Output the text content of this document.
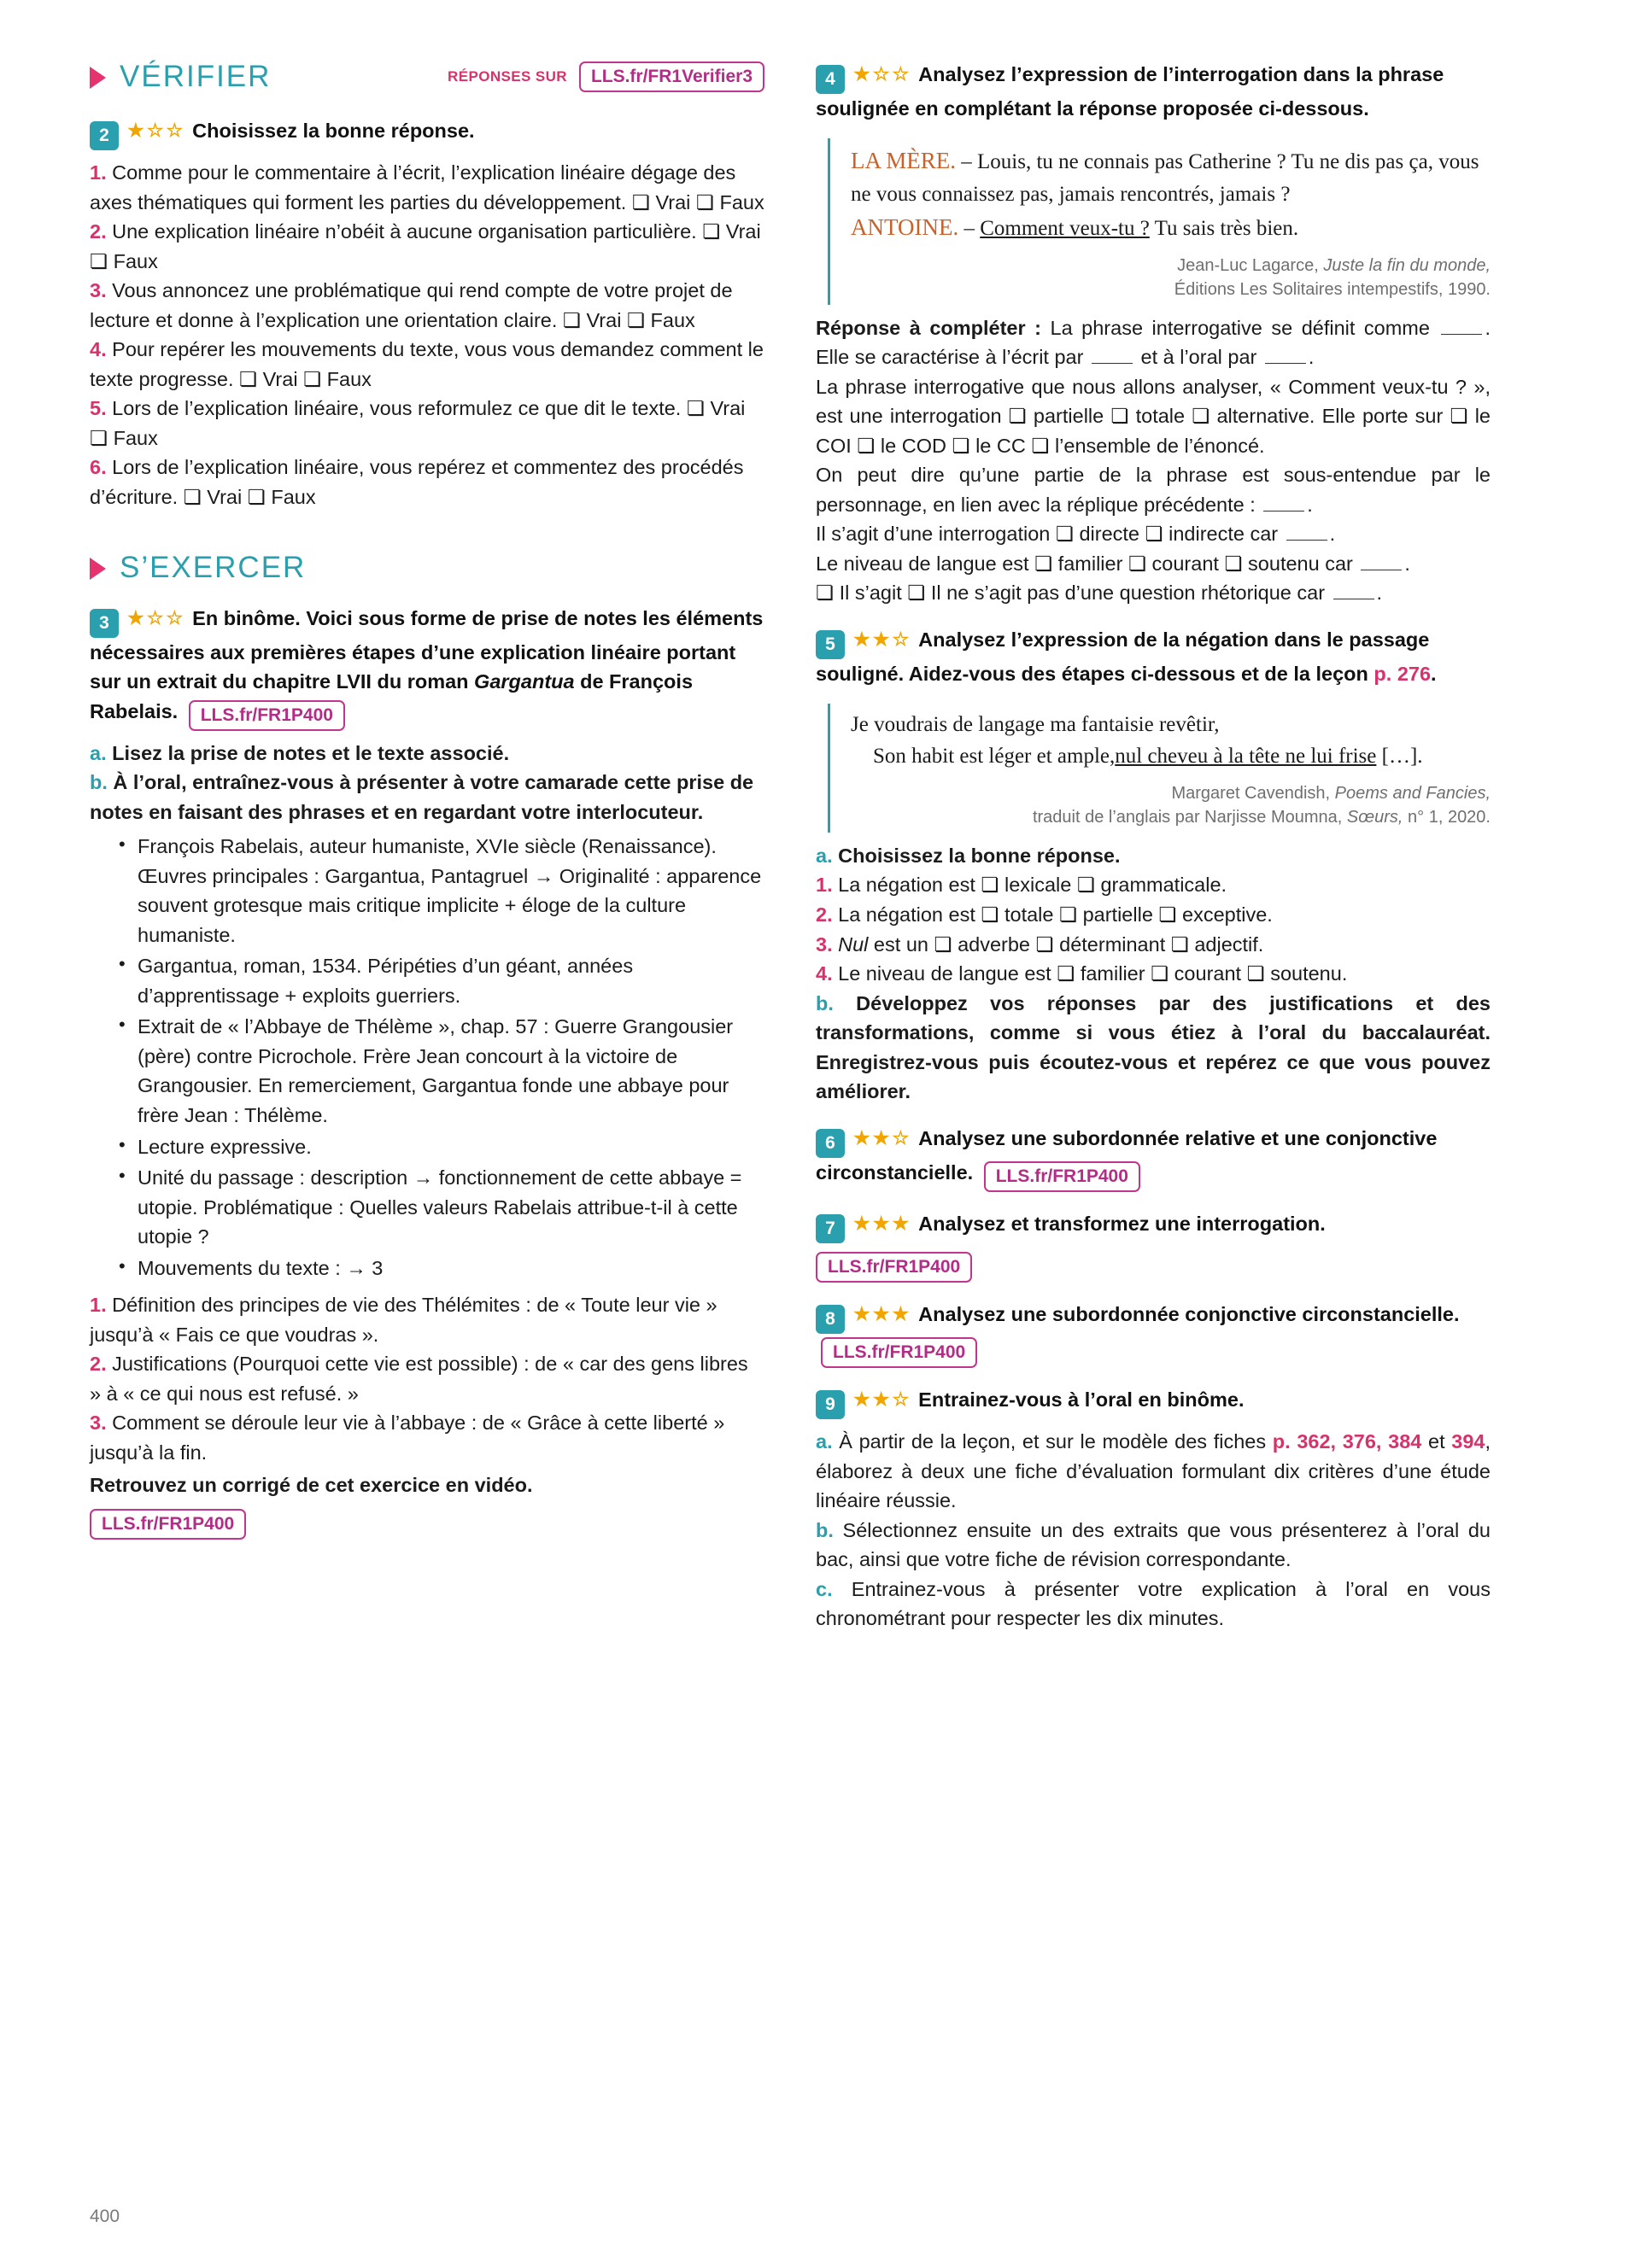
VÉRIFIER	RÉPONSES SUR	LLS.fr/FR1Verifier3
2 ★☆☆ Choisissez la bonne réponse.

1. Comme pour le commentaire à l’écrit, l’explication linéaire dégage des axes thématiques qui forment les parties du développement. ❏ Vrai ❏ Faux

2. Une explication linéaire n’obéit à aucune organisation particulière. ❏ Vrai ❏ Faux

3. Vous annoncez une problématique qui rend compte de votre projet de lecture et donne à l’explication une orientation claire. ❏ Vrai ❏ Faux

4. Pour repérer les mouvements du texte, vous vous demandez comment le texte progresse. ❏ Vrai ❏ Faux

5. Lors de l’explication linéaire, vous reformulez ce que dit le texte. ❏ Vrai ❏ Faux

6. Lors de l’explication linéaire, vous repérez et commentez des procédés d’écriture. ❏ Vrai ❏ Faux

S’EXERCER
3 ★☆☆ En binôme. Voici sous forme de prise de notes les éléments nécessaires aux premières étapes d’une explication linéaire portant sur un extrait du chapitre LVII du roman Gargantua de François Rabelais. LLS.fr/FR1P400

a. Lisez la prise de notes et le texte associé.

b. À l’oral, entraînez-vous à présenter à votre camarade cette prise de notes en faisant des phrases et en regardant votre interlocuteur.

• François Rabelais, auteur humaniste, XVIe siècle (Renaissance). Œuvres principales : Gargantua, Pantagruel → Originalité : apparence souvent grotesque mais critique implicite + éloge de la culture humaniste.
• Gargantua, roman, 1534. Péripéties d’un géant, années d’apprentissage + exploits guerriers.
• Extrait de « l’Abbaye de Thélème », chap. 57 : Guerre Grangousier (père) contre Picrochole. Frère Jean concourt à la victoire de Grangousier. En remerciement, Gargantua fonde une abbaye pour frère Jean : Thélème.
• Lecture expressive.
• Unité du passage : description → fonctionnement de cette abbaye = utopie. Problématique : Quelles valeurs Rabelais attribue-t-il à cette utopie ?
• Mouvements du texte : → 3

1. Définition des principes de vie des Thélémites : de « Toute leur vie » jusqu’à « Fais ce que voudras ».

2. Justifications (Pourquoi cette vie est possible) : de « car des gens libres » à « ce qui nous est refusé. »

3. Comment se déroule leur vie à l’abbaye : de « Grâce à cette liberté » jusqu’à la fin.

Retrouvez un corrigé de cet exercice en vidéo.

LLS.fr/FR1P400
4 ★☆☆ Analysez l’expression de l’interrogation dans la phrase soulignée en complétant la réponse proposée ci-dessous.
LA MÈRE. – Louis, tu ne connais pas Catherine ? Tu ne dis pas ça, vous ne vous connaissez pas, jamais rencontrés, jamais ?
ANTOINE. – Comment veux-tu ? Tu sais très bien.
Jean-Luc Lagarce, Juste la fin du monde,
Éditions Les Solitaires intempestifs, 1990.

Réponse à compléter : La phrase interrogative se définit comme . Elle se caractérise à l’écrit par  et à l’oral par .

La phrase interrogative que nous allons analyser, « Comment veux-tu ? », est une interrogation ❏ partielle ❏ totale ❏ alternative. Elle porte sur ❏ le COI ❏ le COD ❏ le CC ❏ l’ensemble de l’énoncé.

On peut dire qu’une partie de la phrase est sous-entendue par le personnage, en lien avec la réplique précédente : .

Il s’agit d’une interrogation ❏ directe ❏ indirecte car .

Le niveau de langue est ❏ familier ❏ courant ❏ soutenu car .

❏ Il s’agit ❏ Il ne s’agit pas d’une question rhétorique car .

5 ★★☆ Analysez l’expression de la négation dans le passage souligné. Aidez-vous des étapes ci-dessous et de la leçon p. 276.
Je voudrais de langage ma fantaisie revêtir,
Son habit est léger et ample,nul cheveu à la tête ne lui frise […].
Margaret Cavendish, Poems and Fancies,
traduit de l’anglais par Narjisse Moumna, Sœurs, n° 1, 2020.

a. Choisissez la bonne réponse.

1. La négation est ❏ lexicale ❏ grammaticale.

2. La négation est ❏ totale ❏ partielle ❏ exceptive.

3. Nul est un ❏ adverbe ❏ déterminant ❏ adjectif.

4. Le niveau de langue est ❏ familier ❏ courant ❏ soutenu.

b. Développez vos réponses par des justifications et des transformations, comme si vous étiez à l’oral du baccalauréat. Enregistrez-vous puis écoutez-vous et repérez ce que vous pouvez améliorer.

6 ★★☆ Analysez une subordonnée relative et une conjonctive circonstancielle. LLS.fr/FR1P400
7 ★★★ Analysez et transformez une interrogation.
LLS.fr/FR1P400
8 ★★★ Analysez une subordonnée conjonctive circonstancielle. LLS.fr/FR1P400
9 ★★☆ Entrainez-vous à l’oral en binôme.

a. À partir de la leçon, et sur le modèle des fiches p. 362, 376, 384 et 394, élaborez à deux une fiche d’évaluation formulant dix critères d’une étude linéaire réussie.

b. Sélectionnez ensuite un des extraits que vous présenterez à l’oral du bac, ainsi que votre fiche de révision correspondante.

c. Entrainez-vous à présenter votre explication à l’oral en vous chronométrant pour respecter les dix minutes.

400
